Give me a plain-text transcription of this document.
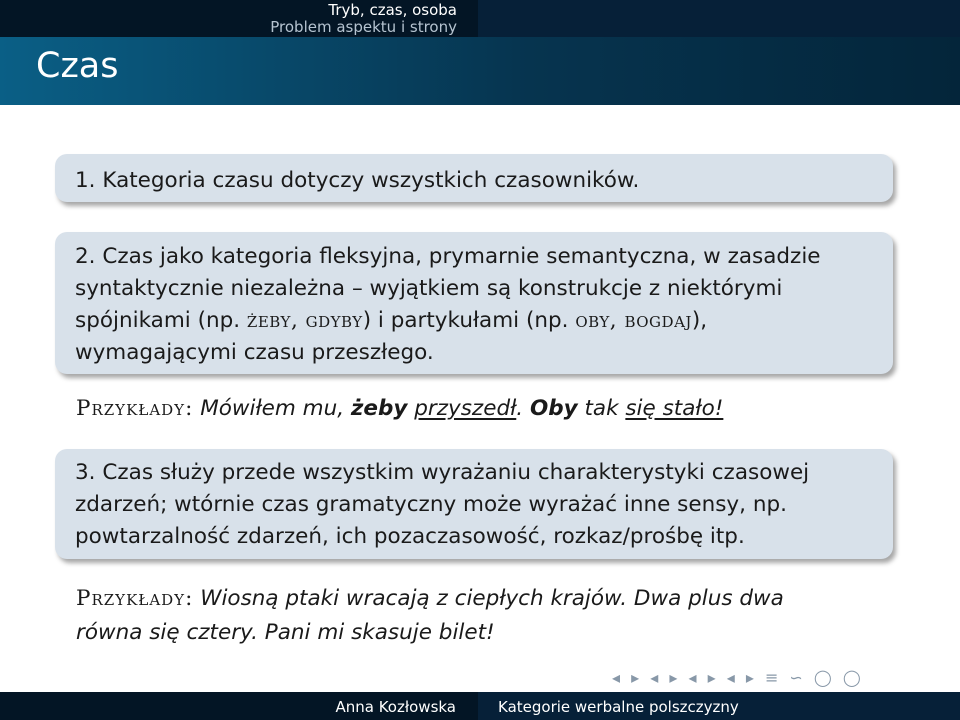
Tryb, czas, osoba
Problem aspektu i strony
Czas

1. Kategoria czasu dotyczy wszystkich czasowników.

2. Czas jako kategoria fleksyjna, prymarnie semantyczna, w zasadzie

syntaktycznie niezależna – wyjątkiem są konstrukcje z niektórymi

spójnikami (np. żeby, gdyby) i partykułami (np. oby, bogdaj),

wymagającymi czasu przeszłego.

Przykłady: Mówiłem mu, żeby przyszedł. Oby tak się stało!

3. Czas służy przede wszystkim wyrażaniu charakterystyki czasowej

zdarzeń; wtórnie czas gramatyczny może wyrażać inne sensy, np.

powtarzalność zdarzeń, ich pozaczasowość, rozkaz/prośbę itp.

Przykłady: Wiosną ptaki wracają z ciepłych krajów. Dwa plus dwa
równa się cztery. Pani mi skasuje bilet!
◂ ▸ ◂ ▸ ◂ ▸ ◂ ▸ ≡ ∽ ◯ ◯
Anna Kozłowska	Kategorie werbalne polszczyzny
